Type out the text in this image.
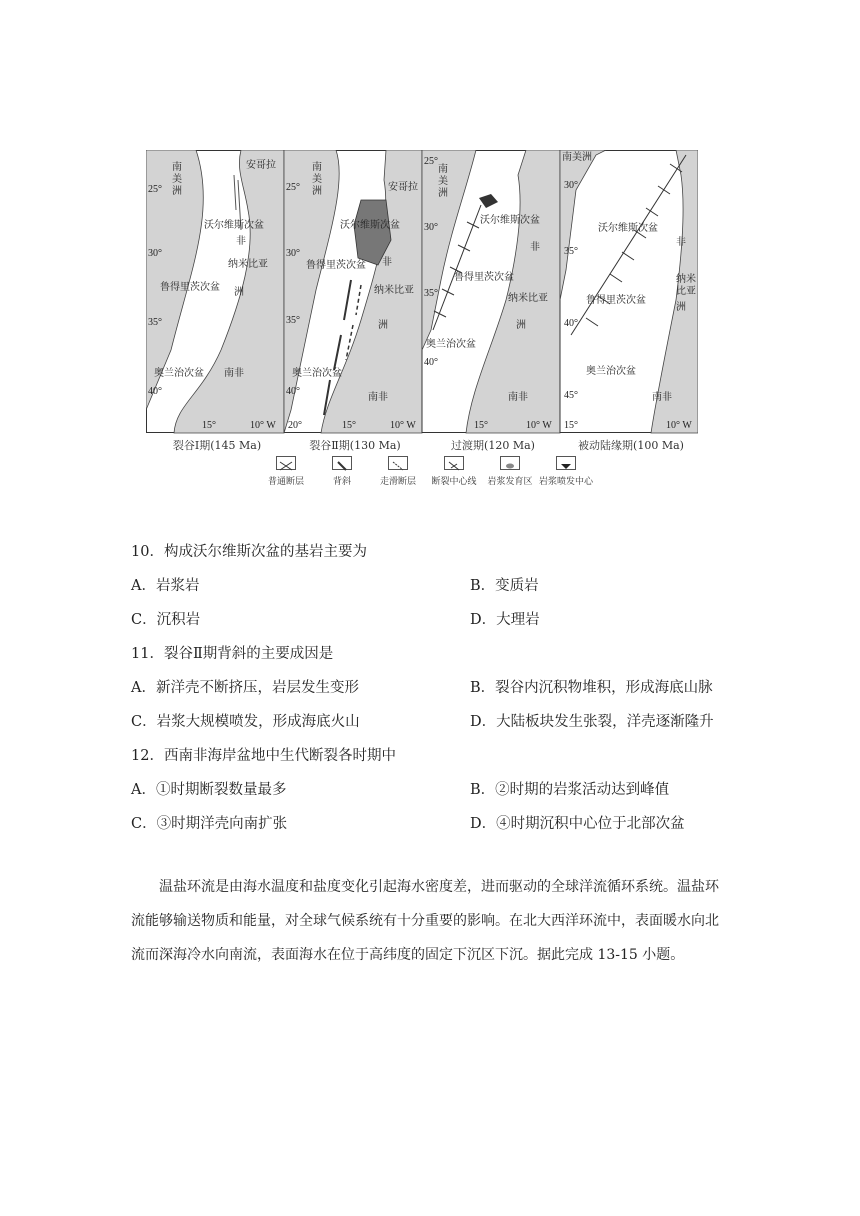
南美洲
安哥拉
沃尔维斯次盆
非
纳米比亚
鲁得里茨次盆 洲
奥兰治次盆 南非
25°
30°
35°
40°
15°	10° W
南美洲	安哥拉
沃尔维斯次盆
鲁得里茨次盆 非
纳米比亚
洲
奥兰治次盆
南非
25°
30°
35°
40°
20°	15°	10° W
南美洲
沃尔维斯次盆
非
鲁得里茨次盆
纳米比亚
洲
奥兰治次盆
南非
25°
30°
35°
40°
15°	10° W
南美洲
沃尔维斯次盆
非
纳米比亚
鲁得里茨次盆
洲
奥兰治次盆
南非
30°
35°
40°
45°
15°	10° W
裂谷Ⅰ期(145 Ma)	裂谷Ⅱ期(130 Ma)	过渡期(120 Ma)	被动陆缘期(100 Ma)
普通断层	背斜	走滑断层	断裂中心线	岩浆发育区 岩浆喷发中心
10．构成沃尔维斯次盆的基岩主要为
A．岩浆岩	B．变质岩
C．沉积岩	D．大理岩
11．裂谷Ⅱ期背斜的主要成因是
A．新洋壳不断挤压，岩层发生变形	B．裂谷内沉积物堆积，形成海底山脉
C．岩浆大规模喷发，形成海底火山	D．大陆板块发生张裂，洋壳逐渐隆升
12．西南非海岸盆地中生代断裂各时期中
A．①时期断裂数量最多	B．②时期的岩浆活动达到峰值
C．③时期洋壳向南扩张	D．④时期沉积中心位于北部次盆

温盐环流是由海水温度和盐度变化引起海水密度差，进而驱动的全球洋流循环系统。温盐环流能够输送物质和能量，对全球气候系统有十分重要的影响。在北大西洋环流中，表面暖水向北流而深海冷水向南流，表面海水在位于高纬度的固定下沉区下沉。据此完成 13-15 小题。
